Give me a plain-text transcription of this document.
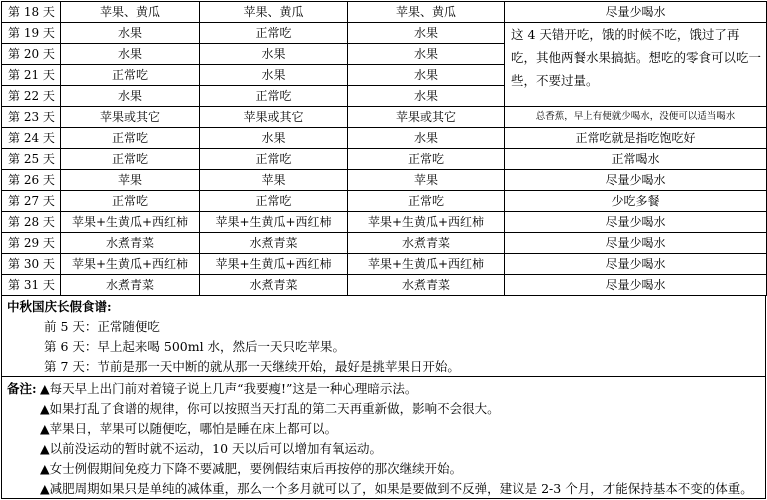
第 18 天	苹果、黄瓜	苹果、黄瓜	苹果、黄瓜	尽量少喝水
第 19 天	水果	正常吃	水果	这 4 天错开吃，饿的时候不吃，饿过了再吃，其他两餐水果搞掂。想吃的零食可以吃一些，不要过量。
第 20 天	水果	水果	水果	
第 21 天	正常吃	水果	水果	
第 22 天	水果	正常吃	水果	
第 23 天	苹果或其它	苹果或其它	苹果或其它	总香蕉，早上有便就少喝水，没便可以适当喝水
第 24 天	正常吃	水果	水果	正常吃就是指吃饱吃好
第 25 天	正常吃	正常吃	正常吃	正常喝水
第 26 天	苹果	苹果	苹果	尽量少喝水
第 27 天	正常吃	正常吃	正常吃	少吃多餐
第 28 天	苹果+生黄瓜+西红柿	苹果+生黄瓜+西红柿	苹果+生黄瓜+西红柿	尽量少喝水
第 29 天	水煮青菜	水煮青菜	水煮青菜	尽量少喝水
第 30 天	苹果+生黄瓜+西红柿	苹果+生黄瓜+西红柿	苹果+生黄瓜+西红柿	尽量少喝水
第 31 天	水煮青菜	水煮青菜	水煮青菜	尽量少喝水
中秋国庆长假食谱:
前 5 天：正常随便吃
第 6 天：早上起来喝 500ml 水，然后一天只吃苹果。
第 7 天：节前是那一天中断的就从那一天继续开始，最好是挑苹果日开始。
备注: ▲每天早上出门前对着镜子说上几声“我要瘦!”这是一种心理暗示法。
▲如果打乱了食谱的规律，你可以按照当天打乱的第二天再重新做，影响不会很大。
▲苹果日，苹果可以随便吃，哪怕是睡在床上都可以。
▲以前没运动的暂时就不运动，10 天以后可以增加有氧运动。
▲女士例假期间免疫力下降不要减肥，要例假结束后再按停的那次继续开始。
▲减肥周期如果只是单纯的减体重，那么一个多月就可以了，如果是要做到不反弹，建议是 2-3 个月，才能保持基本不变的体重。
